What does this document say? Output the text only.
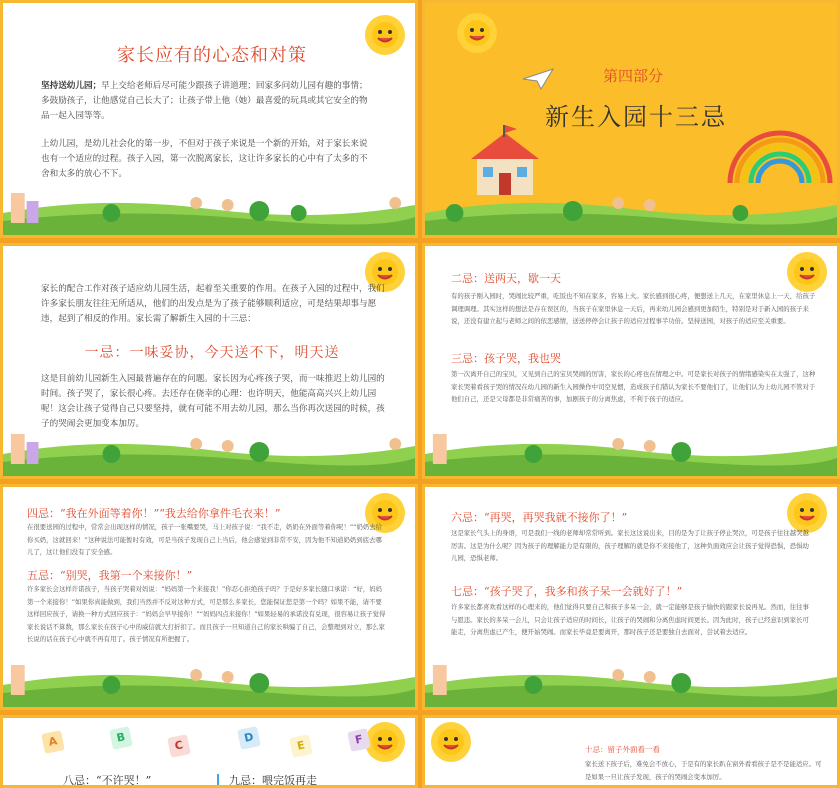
家长应有的心态和对策
坚持送幼儿园；早上交给老师后尽可能少跟孩子讲道理；回家多问幼儿园有趣的事情；多鼓励孩子，让他感觉自己长大了；让孩子带上他（她）最喜爱的玩具或其它安全的物品一起入园等等。
上幼儿园，是幼儿社会化的第一步，不但对于孩子来说是一个新的开始，对于家长来说也有一个适应的过程。孩子入园，第一次脱离家长，这让许多家长的心中有了太多的不舍和太多的放心不下。
第四部分
新生入园十三忌
家长的配合工作对孩子适应幼儿园生活，起着至关重要的作用。在孩子入园的过程中，我们许多家长朋友往往无所适从，他们的出发点是为了孩子能够顺利适应，可是结果却事与愿违，起到了相反的作用。家长需了解新生入园的十三忌：
一忌：一味妥协，今天送不下，明天送
这是目前幼儿园新生入园最普遍存在的问题。家长因为心疼孩子哭，而一味推迟上幼儿园的时间。孩子哭了，家长很心疼。去还存在侥幸的心理：也许明天，他能高高兴兴上幼儿园呢！这会让孩子觉得自己只要坚持，就有可能不用去幼儿园，那么当你再次送园的时候，孩子的哭闹会更加变本加厉。
二忌：送两天，歇一天
有的孩子刚入园时，哭闹比较严重，吃饭也不知在家多，容易上火。家长感到很心疼，便想送上几天，在家里休息上一天，给孩子调理调理。其实这样的想法是存在误区的，当孩子在家里休息一天后，再来幼儿园会感到更加陌生，特别是对于新入园的孩子来说，还没有建立起与老师之间的依恋感情，送送停停会让孩子的适应过程事半功倍。坚持送园，对孩子的适应至关重要。
三忌：孩子哭，我也哭
第一次离开自己的宝贝，又见到自己的宝贝哭闹的厉害，家长的心疼也在情理之中。可是家长对孩子的情绪感染实在太强了，这种家长哭着看孩子哭的情况在幼儿园的新生入园操作中司空见惯，造成孩子们错认为家长不要他们了，让他们认为上幼儿园不管对于他们自己，还是父母都是非常痛苦的事，加剧孩子的分离焦虑，不利于孩子的适应。
四忌：“我在外面等着你！”“我去给你拿件毛衣来！”
在很要送园的过程中，常常会出现这样的情况，孩子一张嘴要哭，马上对孩子说：“我不走，奶奶在外面等着你呢！”“奶奶去给你买奶，这就回来！”这种说法可能暂时有效，可是当孩子发现自己上当后，他会感觉到非常不安，因为他不知道奶奶到底去哪儿了，这让他们没有了安全感。
五忌：“别哭，我第一个来接你！”
许多家长会这样许诺孩子，当孩子哭着对妈说：“妈妈第一个来接我！”你忍心拒绝孩子吗？于是好多家长随口承诺：“好，妈妈第一个来接你！”如果你真能做到，我们当然并不反对这种方式，可是那么多家长，您能保证您是第一个吗？如果不能，请不要这样回应孩子，请换一种方式回应孩子：“妈妈会早早接你！”“妈妈四点来接你！”如果轻易的承诺没有兑现，很容易让孩子觉得家长说话不算数，那么家长在孩子心中的威信就大打折扣了。而且孩子一旦知道自己的家长哄骗了自己，会整理到对立，那么家长说的话在孩子心中就不再有用了。孩子情况有所把握了。
六忌：“再哭，再哭我就不接你了！”
这是家长气头上的身语，可是我们一线的老师却常常听到。家长这这说出来，目的是为了让孩子停止哭泣，可是孩子往往越哭越厉害。这是为什么呢？因为孩子的理解能力是有限的，孩子理解的就是你不来接他了，这种负面效应会让孩子觉得恐惧，恐惧幼儿园，恐惧老师。
七忌：“孩子哭了，我多和孩子呆一会就好了！”
许多家长都喜欢看这样的心理来的，他们觉得只要自己和孩子多呆一会，就一定能够是孩子愉快的跟家长说再见。然而，往往事与愿违。家长的多呆一会儿，只会让孩子适应的时间长，让孩子的哭闹和分离焦虑时间更长。因为此时，孩子已经意识到家长可能走，分离焦虑已产生，便开始哭闹。而家长毕竟是要离开，那时孩子还是要独自去面对，尝试着去适应。
A	B
C
D
E	F
八忌：“不许哭！”	九忌：喂完饭再走
十忌：留子外面看一看
家长送下孩子后，难免会不放心，于是有的家长趴在窗外看看孩子是不是能适应。可是如果一旦让孩子发现，孩子的哭闹会变本加厉。
